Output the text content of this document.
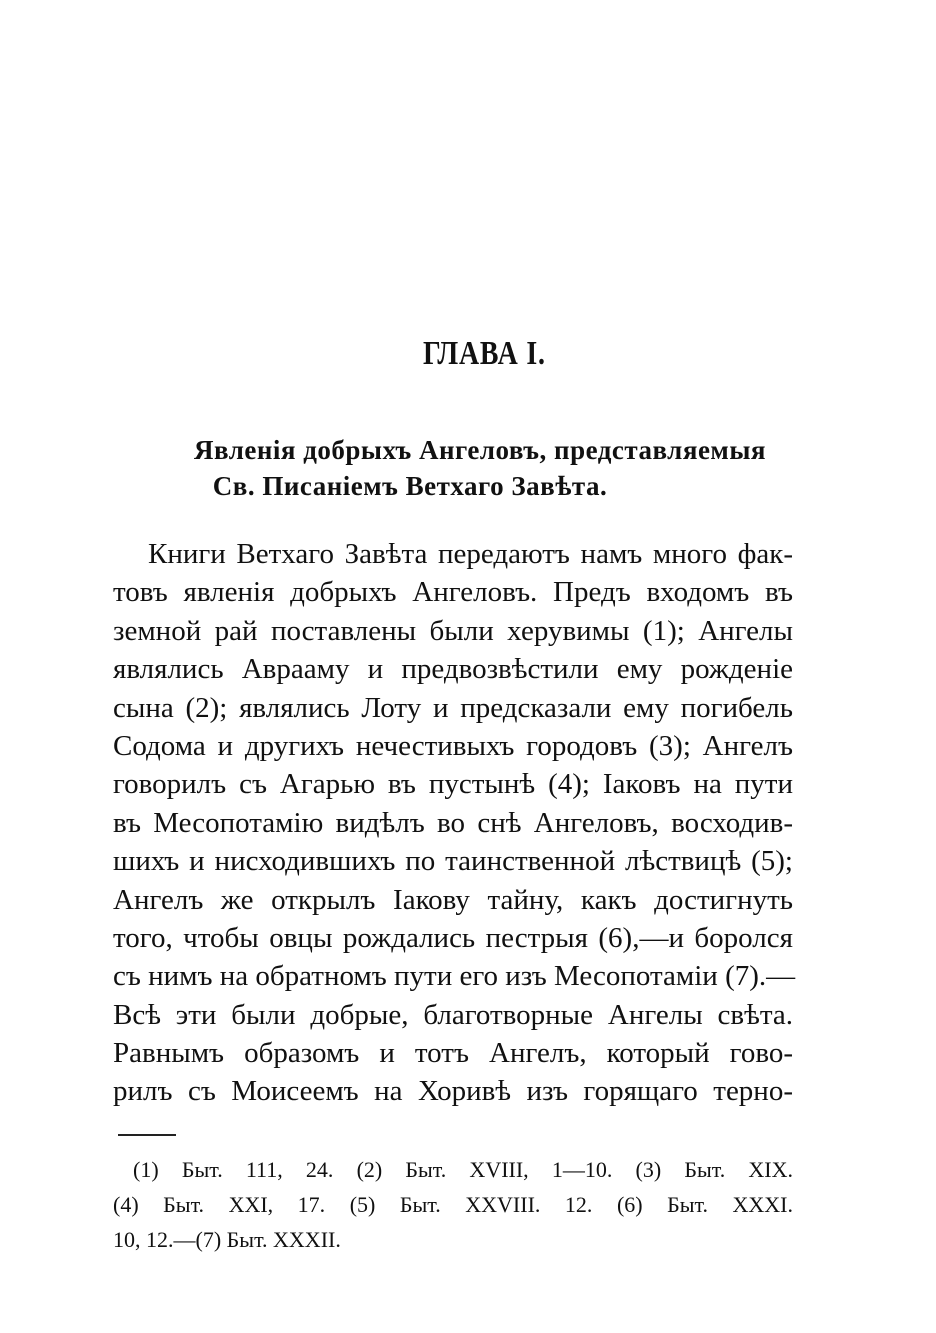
ГЛАВА I.
Явленія добрыхъ Ангеловъ, представляемыя
Св. Писаніемъ Ветхаго Завѣта.
Книги Ветхаго Завѣта передаютъ намъ много фак-
товъ явленія добрыхъ Ангеловъ. Предъ входомъ въ
земной рай поставлены были херувимы (1); Ангелы
являлись Аврааму и предвозвѣстили ему рожденіе
сына (2); являлись Лоту и предсказали ему погибель
Содома и другихъ нечестивыхъ городовъ (3); Ангелъ
говорилъ съ Агарью въ пустынѣ (4); Іаковъ на пути
въ Месопотамію видѣлъ во снѣ Ангеловъ, восходив-
шихъ и нисходившихъ по таинственной лѣствицѣ (5);
Ангелъ же открылъ Іакову тайну, какъ достигнуть
того, чтобы овцы рождались пестрыя (6),—и боролся
съ нимъ на обратномъ пути его изъ Месопотаміи (7).—
Всѣ эти были добрые, благотворные Ангелы свѣта.
Равнымъ образомъ и тотъ Ангелъ, который гово-
рилъ съ Моисеемъ на Хоривѣ изъ горящаго терно-
(1) Быт. 111, 24. (2) Быт. XVIII, 1—10. (3) Быт. XIX.
(4) Быт. XXI, 17. (5) Быт. XXVIII. 12. (6) Быт. XXXI.
10, 12.—(7) Быт. XXXII.
